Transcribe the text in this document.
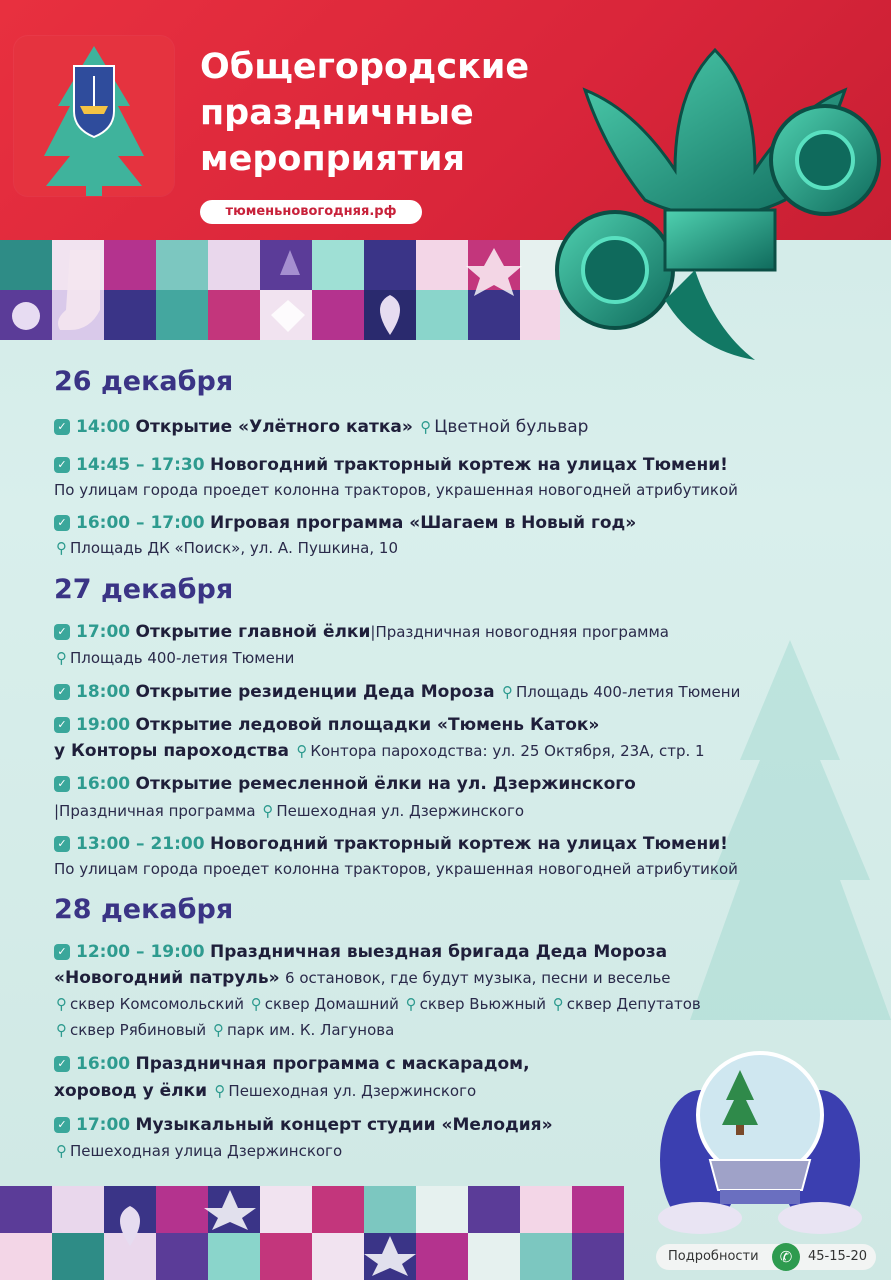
Общегородские
праздничные
мероприятия
тюменьновогодняя.рф
26 декабря
✓ 14:00 Открытие «Улётного катка» ⚲ Цветной бульвар
✓ 14:45 – 17:30 Новогодний тракторный кортеж на улицах Тюмени!
По улицам города проедет колонна тракторов, украшенная новогодней атрибутикой
✓ 16:00 – 17:00 Игровая программа «Шагаем в Новый год»
⚲ Площадь ДК «Поиск», ул. А. Пушкина, 10
27 декабря
✓ 17:00 Открытие главной ёлки|Праздничная новогодняя программа
⚲ Площадь 400-летия Тюмени
✓ 18:00 Открытие резиденции Деда Мороза ⚲ Площадь 400-летия Тюмени
✓ 19:00 Открытие ледовой площадки «Тюмень Каток»
у Конторы пароходства ⚲ Контора пароходства: ул. 25 Октября, 23А, стр. 1
✓ 16:00 Открытие ремесленной ёлки на ул. Дзержинского
|Праздничная программа ⚲ Пешеходная ул. Дзержинского
✓ 13:00 – 21:00 Новогодний тракторный кортеж на улицах Тюмени!
По улицам города проедет колонна тракторов, украшенная новогодней атрибутикой
28 декабря
✓ 12:00 – 19:00 Праздничная выездная бригада Деда Мороза
«Новогодний патруль» 6 остановок, где будут музыка, песни и веселье
⚲ сквер Комсомольский ⚲ сквер Домашний ⚲ сквер Вьюжный ⚲ сквер Депутатов
⚲ сквер Рябиновый ⚲ парк им. К. Лагунова
✓ 16:00 Праздничная программа с маскарадом,
хоровод у ёлки ⚲ Пешеходная ул. Дзержинского
✓ 17:00 Музыкальный концерт студии «Мелодия»
⚲ Пешеходная улица Дзержинского
Подробности	✆	45-15-20
